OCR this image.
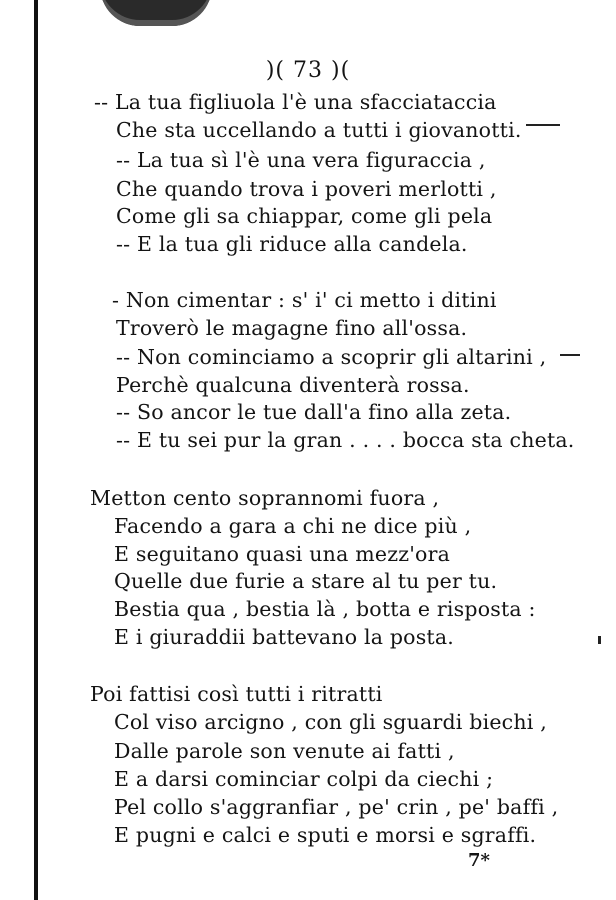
)( 73 )(
-- La tua figliuola l'è una sfacciataccia
Che sta uccellando a tutti i giovanotti.
-- La tua sì l'è una vera figuraccia ,
Che quando trova i poveri merlotti ,
Come gli sa chiappar, come gli pela
-- E la tua gli riduce alla candela.
- Non cimentar : s' i' ci metto i ditini
Troverò le magagne fino all'ossa.
-- Non cominciamo a scoprir gli altarini ,
Perchè qualcuna diventerà rossa.
-- So ancor le tue dall'a fino alla zeta.
-- E tu sei pur la gran . . . . bocca sta cheta.
Metton cento soprannomi fuora ,
Facendo a gara a chi ne dice più ,
E seguitano quasi una mezz'ora
Quelle due furie a stare al tu per tu.
Bestia qua , bestia là , botta e risposta :
E i giuraddii battevano la posta.
Poi fattisi così tutti i ritratti
Col viso arcigno , con gli sguardi biechi ,
Dalle parole son venute ai fatti ,
E a darsi cominciar colpi da ciechi ;
Pel collo s'aggranfiar , pe' crin , pe' baffi ,
E pugni e calci e sputi e morsi e sgraffi.
7*
